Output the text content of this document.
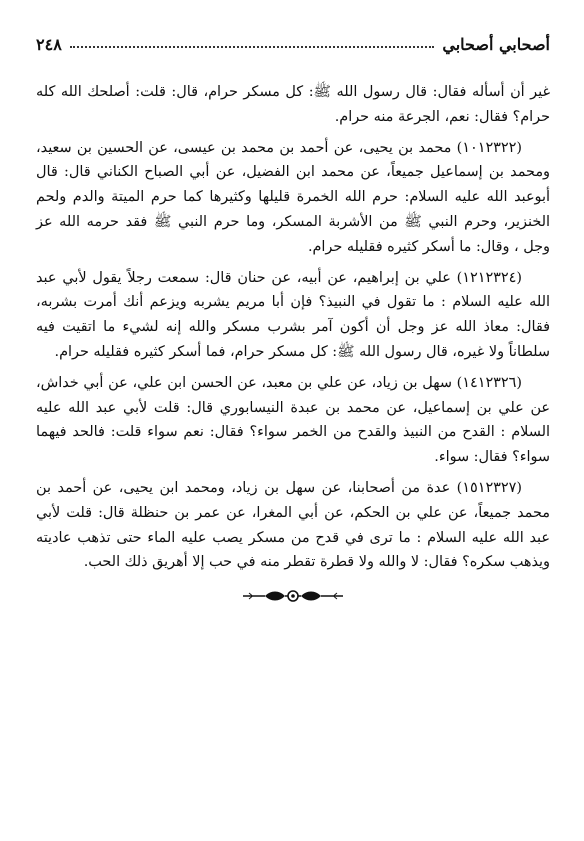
أصحابي أصحابي
٢٤٨

غير أن أسأله فقال: قال رسول الله ﷺ: كل مسكر حرام، قال: قلت: أصلحك الله كله حرام؟ فقال: نعم، الجرعة منه حرام.

(١٠١٢٣٢٢) محمد بن يحيى، عن أحمد بن محمد بن عيسى، عن الحسين بن سعيد، ومحمد بن إسماعيل جميعاً، عن محمد ابن الفضيل، عن أبي الصباح الكناني قال: قال أبوعبد الله عليه السلام: حرم الله الخمرة قليلها وكثيرها كما حرم الميتة والدم ولحم الخنزير، وحرم النبي ﷺ من الأشربة المسكر، وما حرم النبي ﷺ فقد حرمه الله عز وجل ، وقال: ما أسكر كثيره فقليله حرام.

(١٢١٢٣٢٤) علي بن إبراهيم، عن أبيه، عن حنان قال: سمعت رجلاً يقول لأبي عبد الله عليه السلام : ما تقول في النبيذ؟ فإن أبا مريم يشربه ويزعم أنك أمرت بشربه، فقال: معاذ الله عز وجل أن أكون آمر بشرب مسكر والله إنه لشيء ما اتقيت فيه سلطاناً ولا غيره، قال رسول الله ﷺ: كل مسكر حرام، فما أسكر كثيره فقليله حرام.

(١٤١٢٣٢٦) سهل بن زياد، عن علي بن معبد، عن الحسن ابن علي، عن أبي خداش، عن علي بن إسماعيل، عن محمد بن عبدة النيسابوري قال: قلت لأبي عبد الله عليه السلام : القدح من النبيذ والقدح من الخمر سواء؟ فقال: نعم سواء قلت: فالحد فيهما سواء؟ فقال: سواء.

(١٥١٢٣٢٧) عدة من أصحابنا، عن سهل بن زياد، ومحمد ابن يحيى، عن أحمد بن محمد جميعاً، عن علي بن الحكم، عن أبي المغرا، عن عمر بن حنظلة قال: قلت لأبي عبد الله عليه السلام : ما ترى في قدح من مسكر يصب عليه الماء حتى تذهب عاديته ويذهب سكره؟ فقال: لا والله ولا قطرة تقطر منه في حب إلا أهريق ذلك الحب.
